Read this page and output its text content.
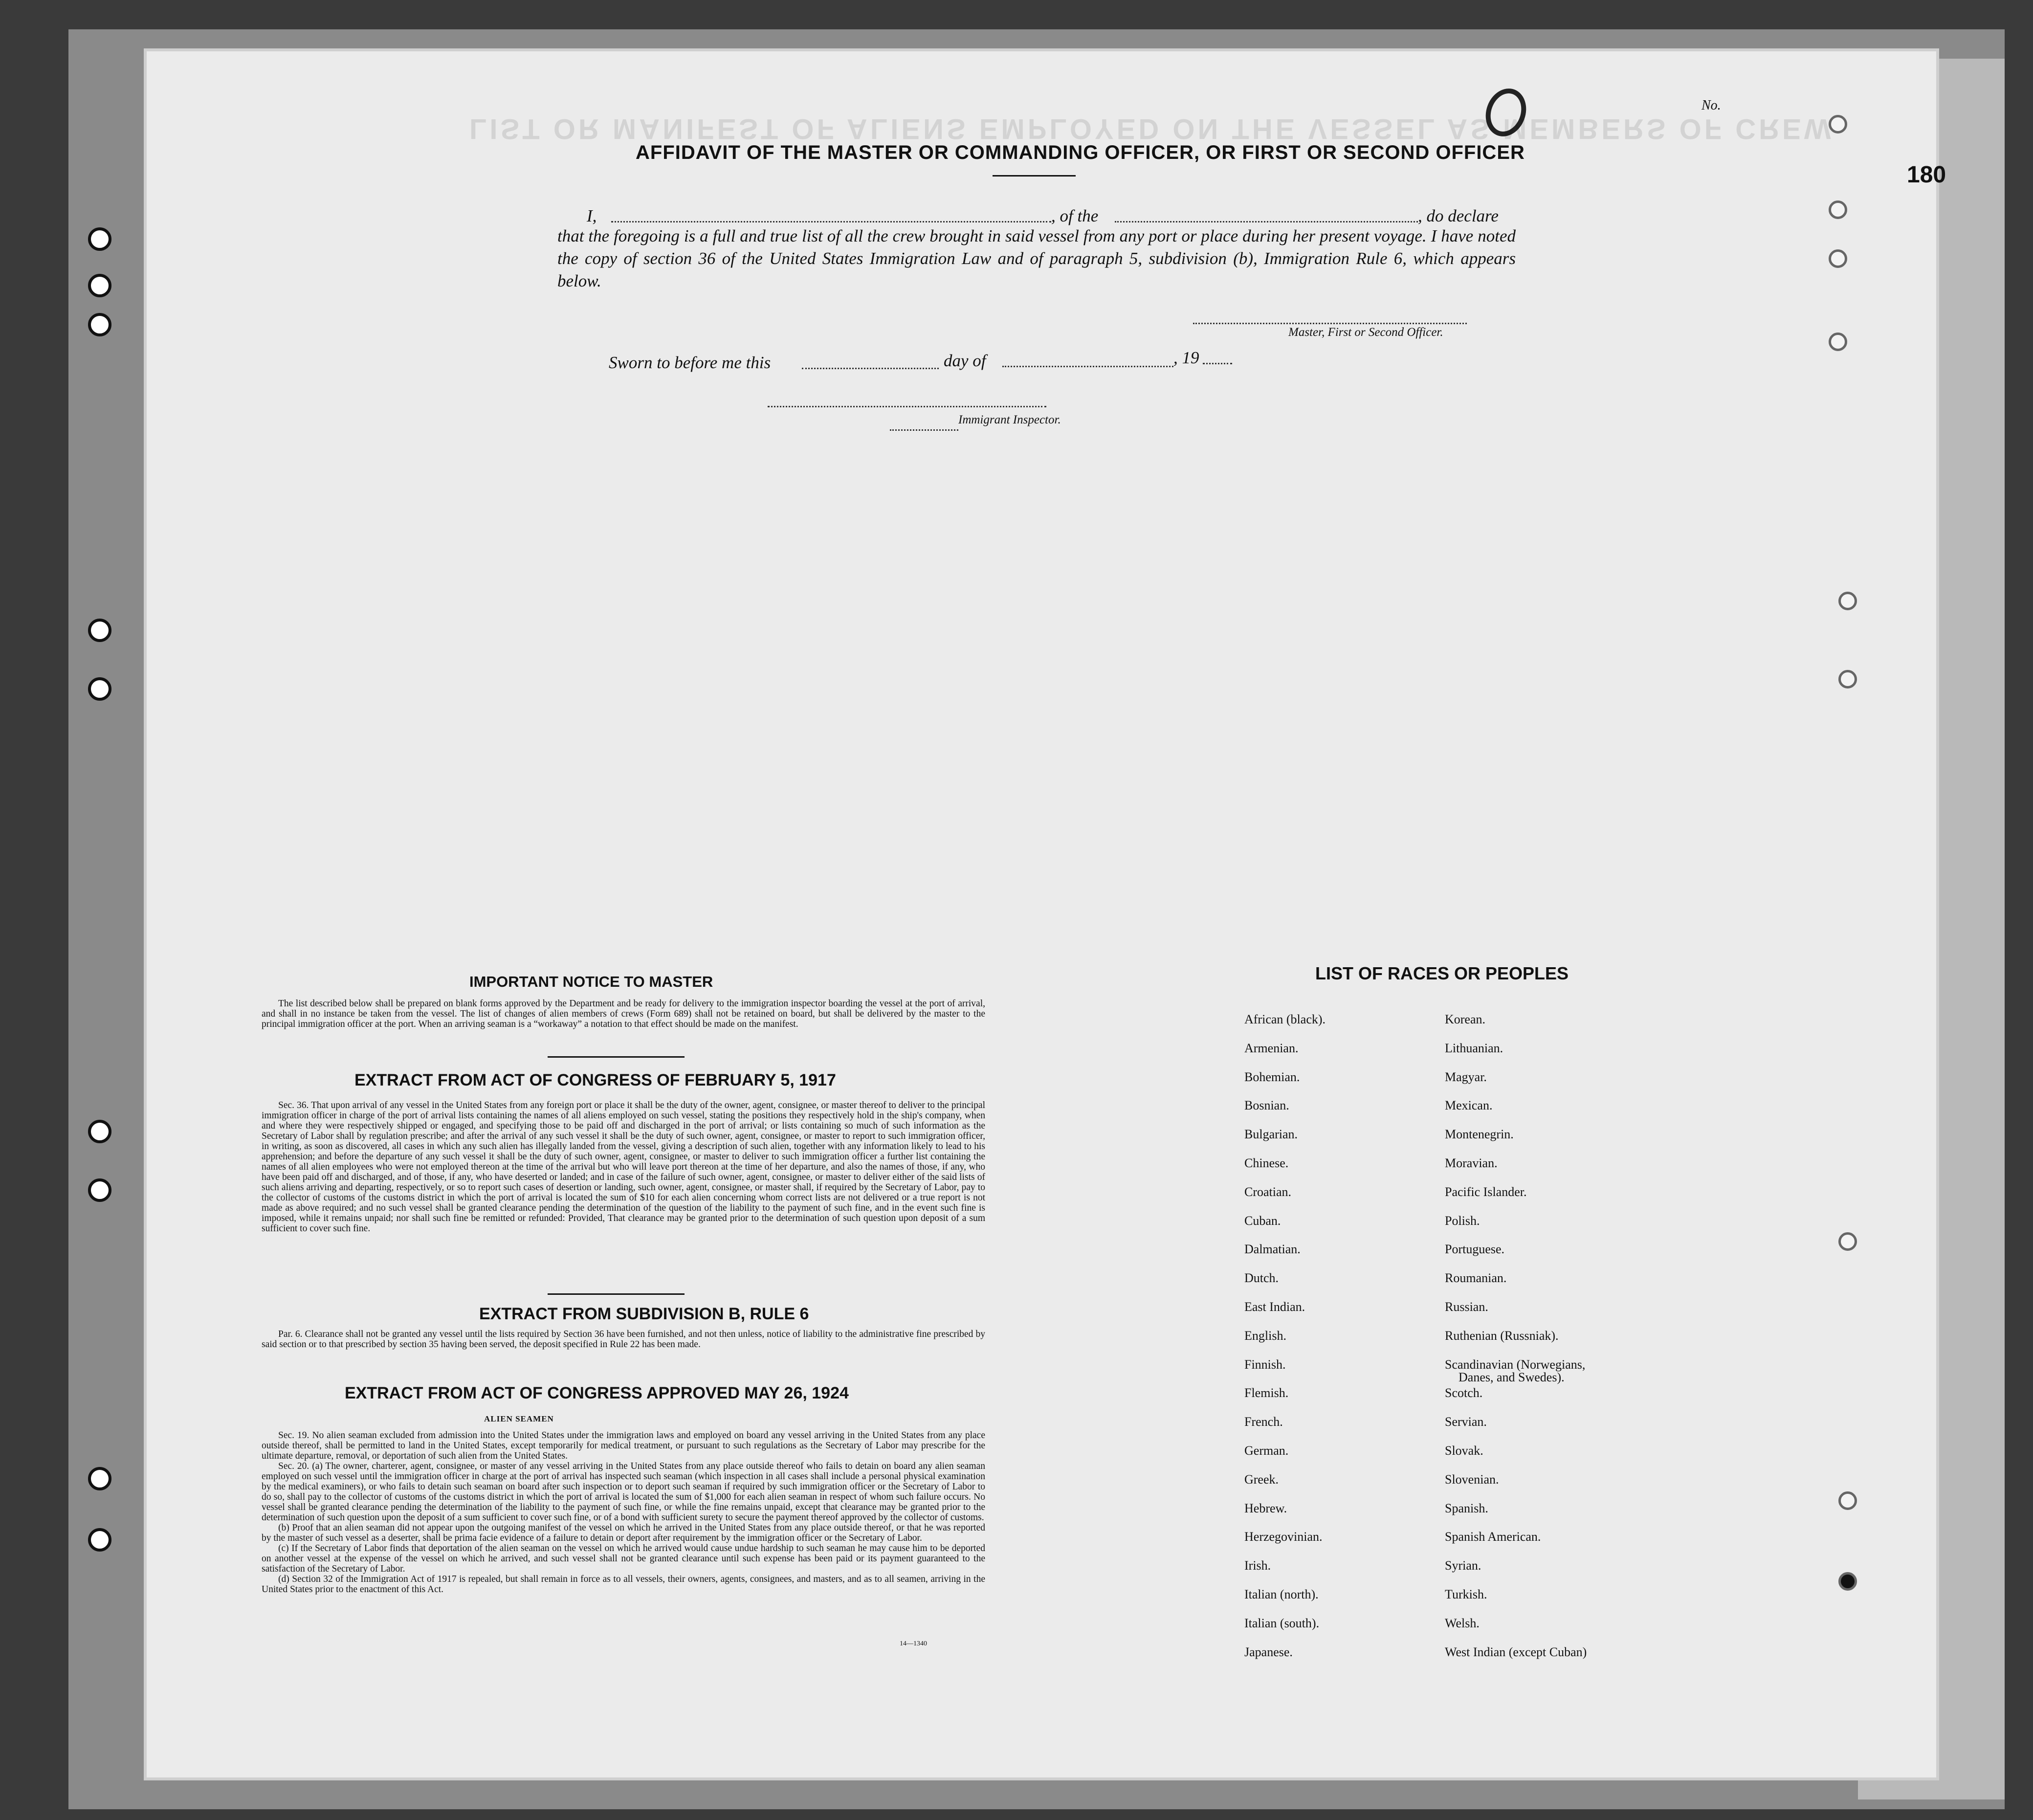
180
No.
LIST OR MANIFEST OF ALIENS EMPLOYED ON THE VESSEL AS MEMBERS OF CREW
AFFIDAVIT OF THE MASTER OR COMMANDING OFFICER, OR FIRST OR SECOND OFFICER
I,	, of the	, do declare
that the foregoing is a full and true list of all the crew brought in said vessel from any port or place during her present voyage. I have noted the copy of section 36 of the United States Immigration Law and of paragraph 5, subdivision (b), Immigration Rule 6, which appears below.
Master, First or Second Officer.
Sworn to before me this	day of	, 19
Immigrant Inspector.
IMPORTANT NOTICE TO MASTER

The list described below shall be prepared on blank forms approved by the Department and be ready for delivery to the immigration inspector boarding the vessel at the port of arrival, and shall in no instance be taken from the vessel. The list of changes of alien members of crews (Form 689) shall not be retained on board, but shall be delivered by the master to the principal immigration officer at the port. When an arriving seaman is a “workaway” a notation to that effect should be made on the manifest.

EXTRACT FROM ACT OF CONGRESS OF FEBRUARY 5, 1917

Sec. 36. That upon arrival of any vessel in the United States from any foreign port or place it shall be the duty of the owner, agent, consignee, or master thereof to deliver to the principal immigration officer in charge of the port of arrival lists containing the names of all aliens employed on such vessel, stating the positions they respectively hold in the ship's company, when and where they were respectively shipped or engaged, and specifying those to be paid off and discharged in the port of arrival; or lists containing so much of such information as the Secretary of Labor shall by regulation prescribe; and after the arrival of any such vessel it shall be the duty of such owner, agent, consignee, or master to report to such immigration officer, in writing, as soon as discovered, all cases in which any such alien has illegally landed from the vessel, giving a description of such alien, together with any information likely to lead to his apprehension; and before the departure of any such vessel it shall be the duty of such owner, agent, consignee, or master to deliver to such immigration officer a further list containing the names of all alien employees who were not employed thereon at the time of the arrival but who will leave port thereon at the time of her departure, and also the names of those, if any, who have been paid off and discharged, and of those, if any, who have deserted or landed; and in case of the failure of such owner, agent, consignee, or master to deliver either of the said lists of such aliens arriving and departing, respectively, or so to report such cases of desertion or landing, such owner, agent, consignee, or master shall, if required by the Secretary of Labor, pay to the collector of customs of the customs district in which the port of arrival is located the sum of $10 for each alien concerning whom correct lists are not delivered or a true report is not made as above required; and no such vessel shall be granted clearance pending the determination of the question of the liability to the payment of such fine, and in the event such fine is imposed, while it remains unpaid; nor shall such fine be remitted or refunded: Provided, That clearance may be granted prior to the determination of such question upon deposit of a sum sufficient to cover such fine.

EXTRACT FROM SUBDIVISION B, RULE 6

Par. 6. Clearance shall not be granted any vessel until the lists required by Section 36 have been furnished, and not then unless, notice of liability to the administrative fine prescribed by said section or to that prescribed by section 35 having been served, the deposit specified in Rule 22 has been made.

EXTRACT FROM ACT OF CONGRESS APPROVED MAY 26, 1924
ALIEN SEAMEN

Sec. 19. No alien seaman excluded from admission into the United States under the immigration laws and employed on board any vessel arriving in the United States from any place outside thereof, shall be permitted to land in the United States, except temporarily for medical treatment, or pursuant to such regulations as the Secretary of Labor may prescribe for the ultimate departure, removal, or deportation of such alien from the United States.

Sec. 20. (a) The owner, charterer, agent, consignee, or master of any vessel arriving in the United States from any place outside thereof who fails to detain on board any alien seaman employed on such vessel until the immigration officer in charge at the port of arrival has inspected such seaman (which inspection in all cases shall include a personal physical examination by the medical examiners), or who fails to detain such seaman on board after such inspection or to deport such seaman if required by such immigration officer or the Secretary of Labor to do so, shall pay to the collector of customs of the customs district in which the port of arrival is located the sum of $1,000 for each alien seaman in respect of whom such failure occurs. No vessel shall be granted clearance pending the determination of the liability to the payment of such fine, or while the fine remains unpaid, except that clearance may be granted prior to the determination of such question upon the deposit of a sum sufficient to cover such fine, or of a bond with sufficient surety to secure the payment thereof approved by the collector of customs.

(b) Proof that an alien seaman did not appear upon the outgoing manifest of the vessel on which he arrived in the United States from any place outside thereof, or that he was reported by the master of such vessel as a deserter, shall be prima facie evidence of a failure to detain or deport after requirement by the immigration officer or the Secretary of Labor.

(c) If the Secretary of Labor finds that deportation of the alien seaman on the vessel on which he arrived would cause undue hardship to such seaman he may cause him to be deported on another vessel at the expense of the vessel on which he arrived, and such vessel shall not be granted clearance until such expense has been paid or its payment guaranteed to the satisfaction of the Secretary of Labor.

(d) Section 32 of the Immigration Act of 1917 is repealed, but shall remain in force as to all vessels, their owners, agents, consignees, and masters, and as to all seamen, arriving in the United States prior to the enactment of this Act.

14—1340
LIST OF RACES OR PEOPLES
African (black).
Armenian.
Bohemian.
Bosnian.
Bulgarian.
Chinese.
Croatian.
Cuban.
Dalmatian.
Dutch.
East Indian.
English.
Finnish.
Flemish.
French.
German.
Greek.
Hebrew.
Herzegovinian.
Irish.
Italian (north).
Italian (south).
Japanese.
Korean.
Lithuanian.
Magyar.
Mexican.
Montenegrin.
Moravian.
Pacific Islander.
Polish.
Portuguese.
Roumanian.
Russian.
Ruthenian (Russniak).
Scandinavian (Norwegians,
Danes, and Swedes).
Scotch.
Servian.
Slovak.
Slovenian.
Spanish.
Spanish American.
Syrian.
Turkish.
Welsh.
West Indian (except Cuban)
